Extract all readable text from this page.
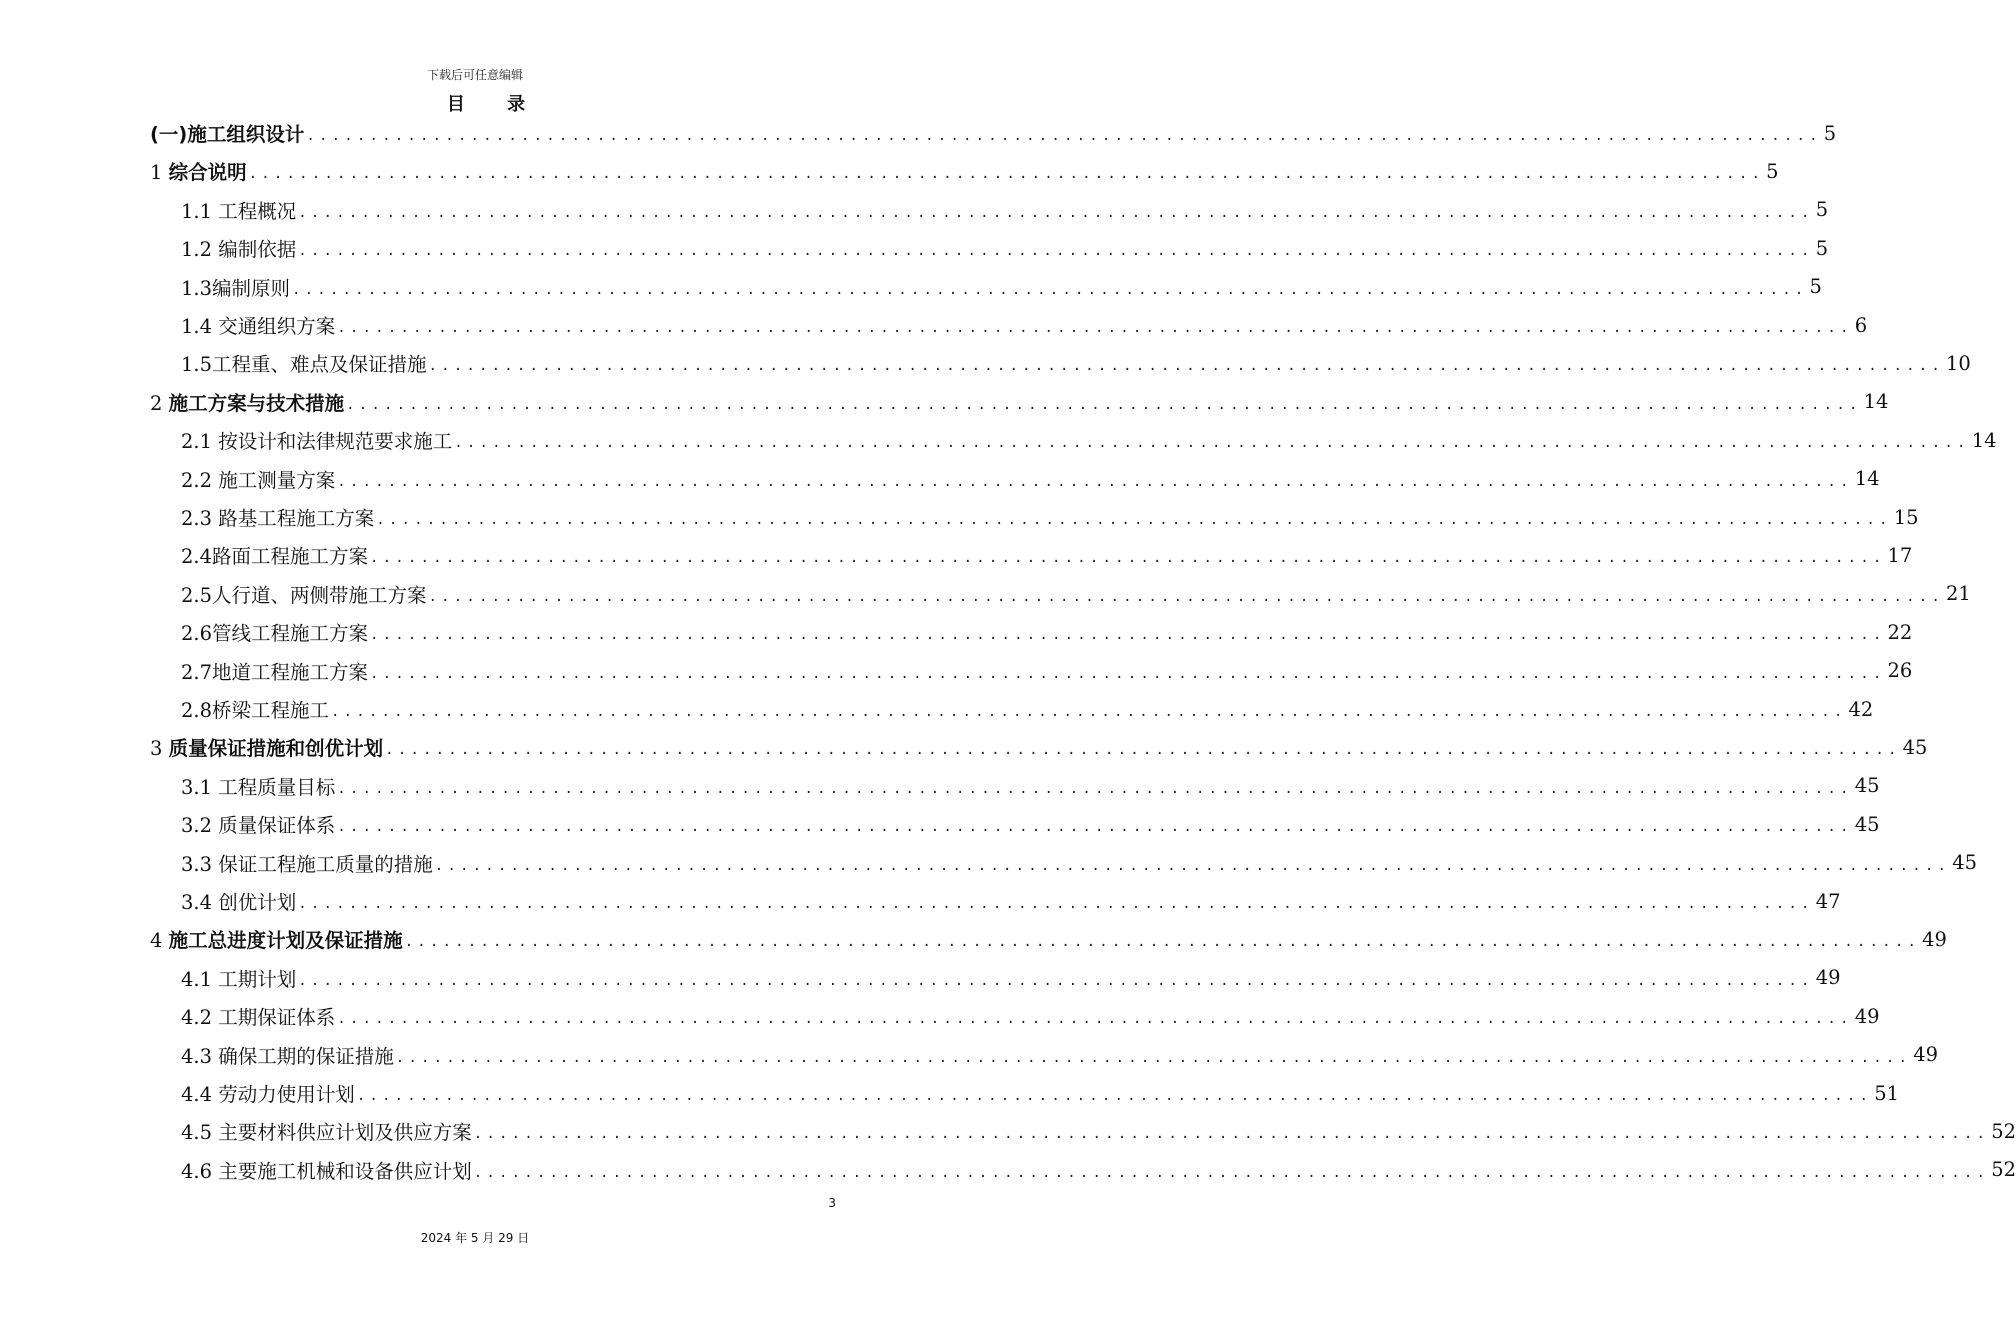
下载后可任意编辑
目 录
(一)施工组织设计 ........................................................................................................................ 5
1 综合说明 ........................................................................................................................ 5
1.1 工程概况 ........................................................................................................................ 5
1.2 编制依据 ........................................................................................................................ 5
1.3编制原则 ........................................................................................................................ 5
1.4 交通组织方案 ........................................................................................................................ 6
1.5工程重、难点及保证措施 ........................................................................................................................ 10
2 施工方案与技术措施 ........................................................................................................................ 14
2.1 按设计和法律规范要求施工 ........................................................................................................................ 14
2.2 施工测量方案 ........................................................................................................................ 14
2.3 路基工程施工方案 ........................................................................................................................ 15
2.4路面工程施工方案 ........................................................................................................................ 17
2.5人行道、两侧带施工方案 ........................................................................................................................ 21
2.6管线工程施工方案 ........................................................................................................................ 22
2.7地道工程施工方案 ........................................................................................................................ 26
2.8桥梁工程施工 ........................................................................................................................ 42
3 质量保证措施和创优计划 ........................................................................................................................ 45
3.1 工程质量目标 ........................................................................................................................ 45
3.2 质量保证体系 ........................................................................................................................ 45
3.3 保证工程施工质量的措施 ........................................................................................................................ 45
3.4 创优计划 ........................................................................................................................ 47
4 施工总进度计划及保证措施 ........................................................................................................................ 49
4.1 工期计划 ........................................................................................................................ 49
4.2 工期保证体系 ........................................................................................................................ 49
4.3 确保工期的保证措施 ........................................................................................................................ 49
4.4 劳动力使用计划 ........................................................................................................................ 51
4.5 主要材料供应计划及供应方案 ........................................................................................................................ 52
4.6 主要施工机械和设备供应计划 ........................................................................................................................ 52
3
2024 年 5 月 29 日
